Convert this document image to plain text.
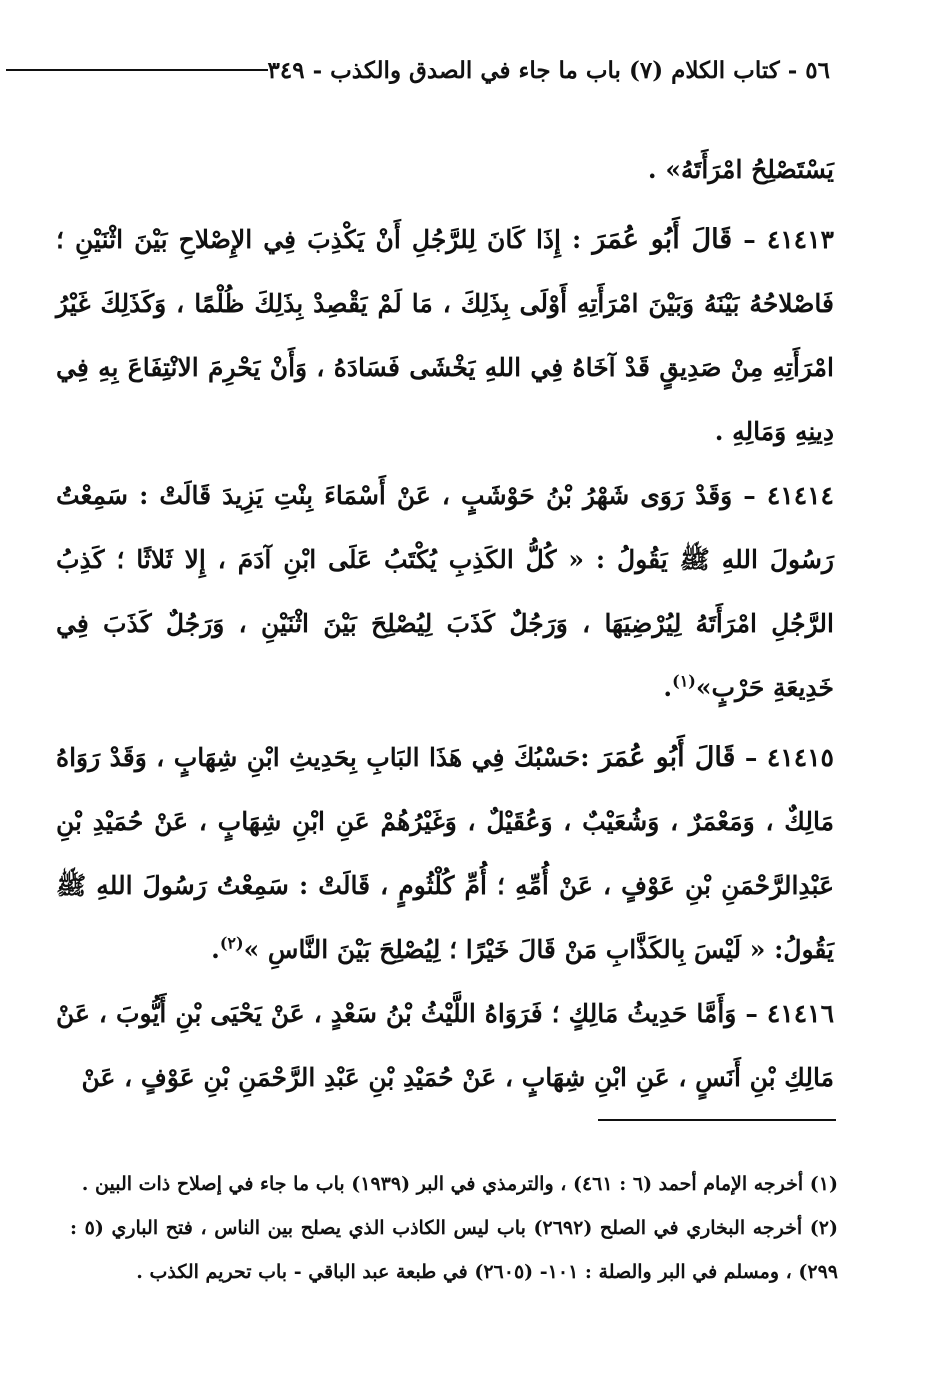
٥٦ - كتاب الكلام (٧) باب ما جاء في الصدق والكذب - ٣٤٩

يَسْتَصْلِحُ امْرَأَتَهُ» .

٤١٤١٣ – قَالَ أَبُو عُمَرَ : إِذَا كَانَ لِلرَّجُلِ أَنْ يَكْذِبَ فِي الإِصْلاحِ بَيْنَ اثْنَيْنِ ؛ فَاصْلاحُهُ بَيْنَهُ وَبَيْنَ امْرَأَتِهِ أَوْلَى بِذَلِكَ ، مَا لَمْ يَقْصِدْ بِذَلِكَ ظُلْمًا ، وَكَذَلِكَ غَيْرُ امْرَأَتِهِ مِنْ صَدِيقٍ قَدْ آخَاهُ فِي اللهِ يَخْشَى فَسَادَهُ ، وَأَنْ يَحْرِمَ الانْتِفَاعَ بِهِ فِي دِينِهِ وَمَالِهِ .

٤١٤١٤ – وَقَدْ رَوَى شَهْرُ بْنُ حَوْشَبٍ ، عَنْ أَسْمَاءَ بِنْتِ يَزِيدَ قَالَتْ : سَمِعْتُ رَسُولَ اللهِ ﷺ يَقُولُ : « كُلُّ الكَذِبِ يُكْتَبُ عَلَى ابْنِ آدَمَ ، إِلا ثَلاثًا ؛ كَذِبُ الرَّجُلِ امْرَأَتَهُ لِيُرْضِيَهَا ، وَرَجُلٌ كَذَبَ لِيُصْلِحَ بَيْنَ اثْنَيْنِ ، وَرَجُلٌ كَذَبَ فِي خَدِيعَةِ حَرْبٍ»$^{(١)}$.

٤١٤١٥ – قَالَ أَبُو عُمَرَ :حَسْبُكَ فِي هَذَا البَابِ بِحَدِيثِ ابْنِ شِهَابٍ ، وَقَدْ رَوَاهُ مَالِكٌ ، وَمَعْمَرٌ ، وَشُعَيْبٌ ، وَعُقَيْلٌ ، وَغَيْرُهُمْ عَنِ ابْنِ شِهَابٍ ، عَنْ حُمَيْدِ بْنِ عَبْدِالرَّحْمَنِ بْنِ عَوْفٍ ، عَنْ أُمِّهِ ؛ أُمِّ كُلْثُومٍ ، قَالَتْ : سَمِعْتُ رَسُولَ اللهِ ﷺ يَقُولُ: « لَيْسَ بِالكَذَّابِ مَنْ قَالَ خَيْرًا ؛ لِيُصْلِحَ بَيْنَ النَّاسِ »$^{(٢)}$.

٤١٤١٦ – وَأَمَّا حَدِيثُ مَالِكٍ ؛ فَرَوَاهُ اللَّيْثُ بْنُ سَعْدٍ ، عَنْ يَحْيَى بْنِ أَيُّوبَ ، عَنْ مَالِكِ بْنِ أَنَسٍ ، عَنِ ابْنِ شِهَابٍ ، عَنْ حُمَيْدِ بْنِ عَبْدِ الرَّحْمَنِ بْنِ عَوْفٍ ، عَنْ

(١) أخرجه الإمام أحمد (٦ : ٤٦١) ، والترمذي في البر (١٩٣٩) باب ما جاء في إصلاح ذات البين .

(٢) أخرجه البخاري في الصلح (٢٦٩٢) باب ليس الكاذب الذي يصلح بين الناس ، فتح الباري (٥ : ٢٩٩) ، ومسلم في البر والصلة : ١٠١- (٢٦٠٥) في طبعة عبد الباقي - باب تحريم الكذب .
